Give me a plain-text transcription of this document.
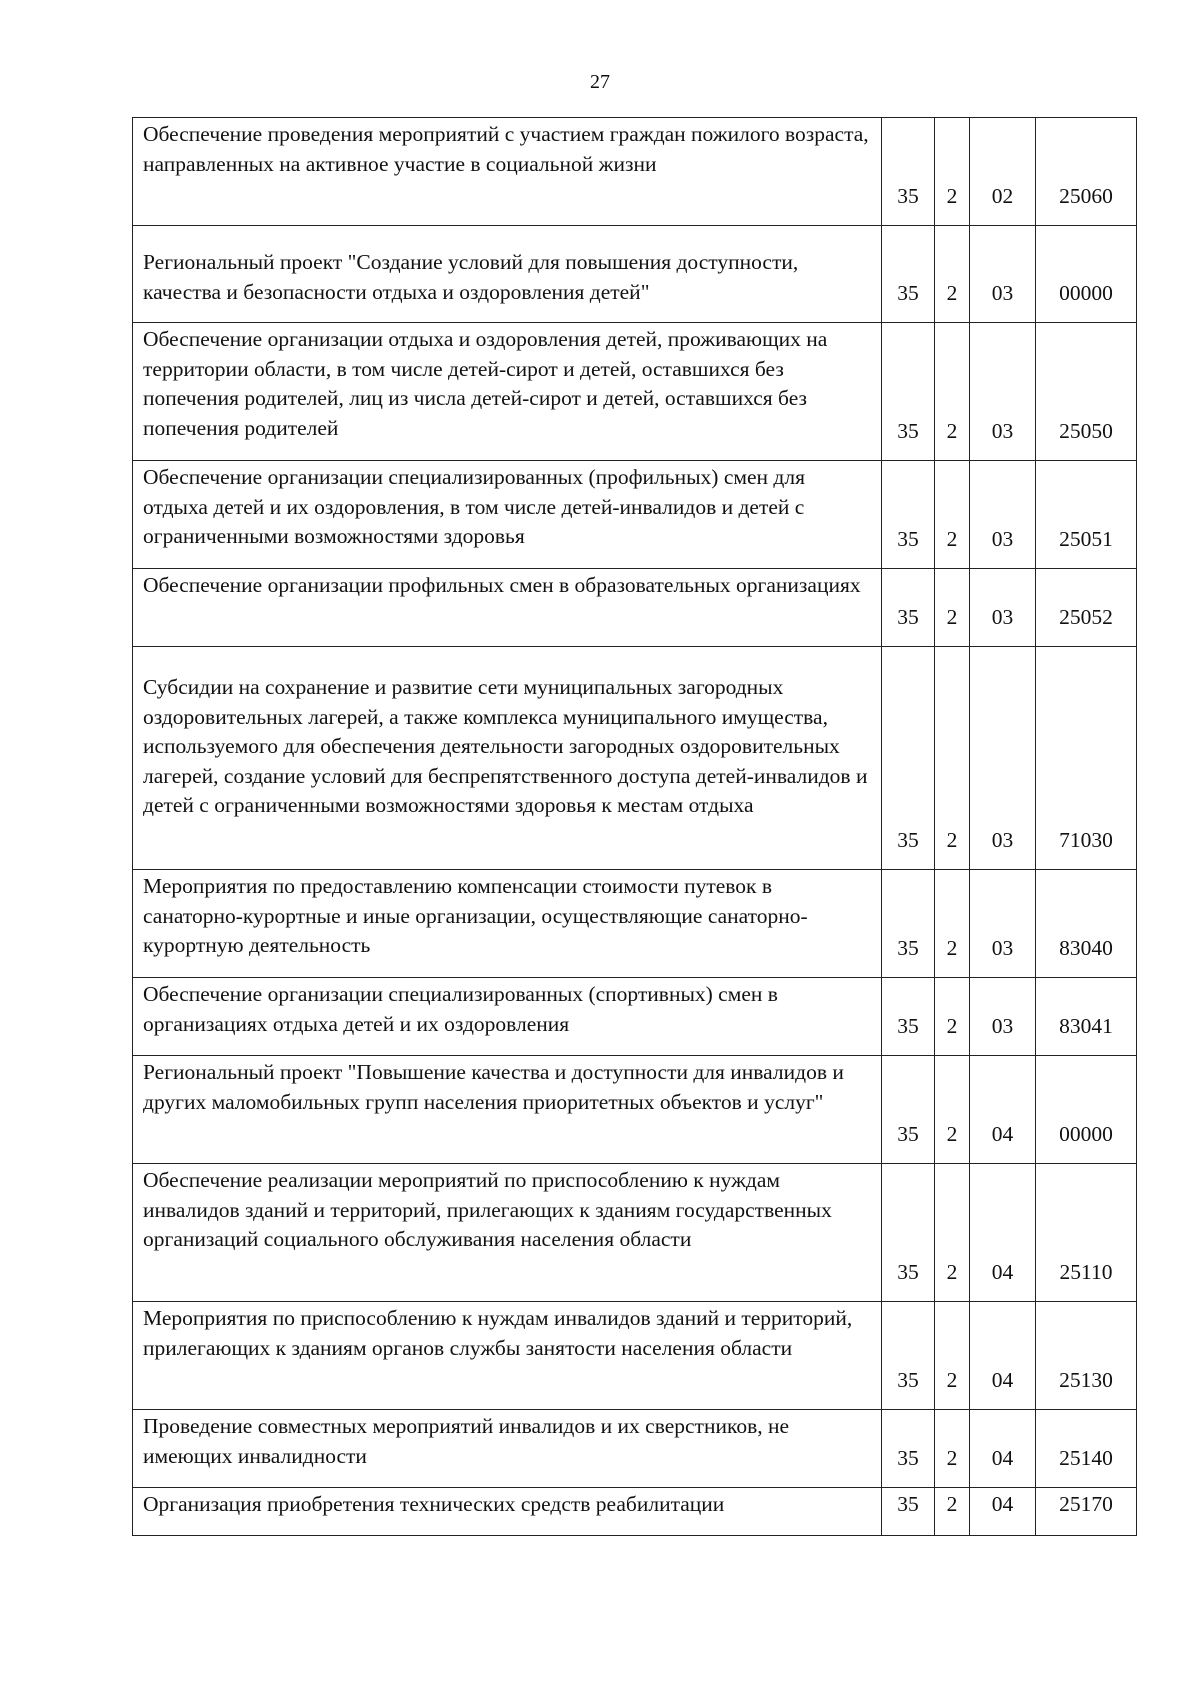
27
Обеспечение проведения мероприятий с участием граждан пожилого возраста, направленных на активное участие в социальной жизни	35	2	02	25060
Региональный проект "Создание условий для повышения доступности, качества и безопасности отдыха и оздоровления детей"	35	2	03	00000
Обеспечение организации отдыха и оздоровления детей, проживающих на территории области, в том числе детей-сирот и детей, оставшихся без попечения родителей, лиц из числа детей-сирот и детей, оставшихся без попечения родителей	35	2	03	25050
Обеспечение организации специализированных (профильных) смен для отдыха детей и их оздоровления, в том числе детей-инвалидов и детей с ограниченными возможностями здоровья	35	2	03	25051
Обеспечение организации профильных смен в образовательных организациях	35	2	03	25052
Субсидии на сохранение и развитие сети муниципальных загородных оздоровительных лагерей, а также комплекса муниципального имущества, используемого для обеспечения деятельности загородных оздоровительных лагерей, создание условий для беспрепятственного доступа детей-инвалидов и детей с ограниченными возможностями здоровья к местам отдыха	35	2	03	71030
Мероприятия по предоставлению компенсации стоимости путевок в санаторно-курортные и иные организации, осуществляющие санаторно-курортную деятельность	35	2	03	83040
Обеспечение организации специализированных (спортивных) смен в организациях отдыха детей и их оздоровления	35	2	03	83041
Региональный проект "Повышение качества и доступности для инвалидов и других маломобильных групп населения приоритетных объектов и услуг"	35	2	04	00000
Обеспечение реализации мероприятий по приспособлению к нуждам инвалидов зданий и территорий, прилегающих к зданиям государственных организаций социального обслуживания населения области	35	2	04	25110
Мероприятия по приспособлению к нуждам инвалидов зданий и территорий, прилегающих к зданиям органов службы занятости населения области	35	2	04	25130
Проведение совместных мероприятий инвалидов и их сверстников, не имеющих инвалидности	35	2	04	25140
Организация приобретения технических средств реабилитации	35	2	04	25170
